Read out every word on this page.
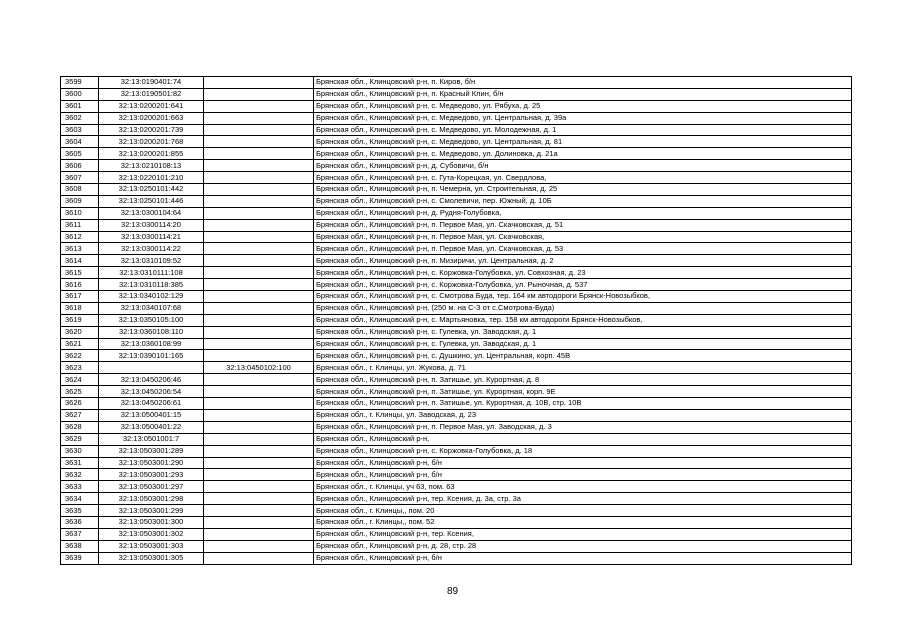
3599	32:13:0190401:74		Брянская обл., Клинцовский р-н, п. Киров, б/н
3600	32:13:0190501:82		Брянская обл., Клинцовский р-н, п. Красный Клин, б/н
3601	32:13:0200201:641		Брянская обл., Клинцовский р-н, с. Медведово, ул. Рябуха, д. 25
3602	32:13:0200201:663		Брянская обл., Клинцовский р-н, с. Медведово, ул. Центральная, д. 39а
3603	32:13:0200201:739		Брянская обл., Клинцовский р-н, с. Медведово, ул. Молодежная, д. 1
3604	32:13:0200201:768		Брянская обл., Клинцовский р-н, с. Медведово, ул. Центральная, д. 81
3605	32:13:0200201:855		Брянская обл., Клинцовский р-н, с. Медведово, ул. Долиновка, д. 21а
3606	32:13:0210108:13		Брянская обл., Клинцовский р-н, д. Субовичи, б/н
3607	32:13:0220101:210		Брянская обл., Клинцовский р-н, с. Гута-Корецкая, ул. Свердлова,
3608	32:13:0250101:442		Брянская обл., Клинцовский р-н, п. Чемерна, ул. Строительная, д. 25
3609	32:13:0250101:446		Брянская обл., Клинцовский р-н, с. Смолевичи, пер. Южный, д. 10Б
3610	32:13:0300104:64		Брянская обл., Клинцовский р-н, д. Рудня-Голубовка,
3611	32:13:0300114:20		Брянская обл., Клинцовский р-н, п. Первое Мая, ул. Скачковская, д. 51
3612	32:13:0300114:21		Брянская обл., Клинцовский р-н, п. Первое Мая, ул. Скачковская,
3613	32:13:0300114:22		Брянская обл., Клинцовский р-н, п. Первое Мая, ул. Скачковская, д. 53
3614	32:13:0310109:52		Брянская обл., Клинцовский р-н, п. Мизиричи, ул. Центральная, д. 2
3615	32:13:0310111:108		Брянская обл., Клинцовский р-н, с. Коржовка-Голубовка, ул. Совхозная, д. 23
3616	32:13:0310118:385		Брянская обл., Клинцовский р-н, с. Коржовка-Голубовка, ул. Рыночная, д. 537
3617	32:13:0340102:129		Брянская обл., Клинцовский р-н, с. Смотрова Буда, тер. 164 км автодороги Брянск-Новозыбков,
3618	32:13:0340107:68		Брянская обл., Клинцовский р-н, (250 м. на С-З от с.Смотрова-Буда)
3619	32:13:0350105:100		Брянская обл., Клинцовский р-н, с. Мартьяновка, тер. 158 км автодороги Брянск-Новозыбков,
3620	32:13:0360108:110		Брянская обл., Клинцовский р-н, с. Гулевка, ул. Заводская, д. 1
3621	32:13:0360108:99		Брянская обл., Клинцовский р-н, с. Гулевка, ул. Заводская, д. 1
3622	32:13:0390101:165		Брянская обл., Клинцовский р-н, с. Душкино, ул. Центральная, корп. 45В
3623		32:13:0450102:100	Брянская обл., г. Клинцы, ул. Жукова, д. 71
3624	32:13:0450206:46		Брянская обл., Клинцовский р-н, п. Затишье, ул. Курортная, д. 8
3625	32:13:0450206:54		Брянская обл., Клинцовский р-н, п. Затишье, ул. Курортная, корп. 9Е
3626	32:13:0450206:61		Брянская обл., Клинцовский р-н, п. Затишье, ул. Курортная, д. 10В, стр. 10В
3627	32:13:0500401:15		Брянская обл., г. Клинцы, ул. Заводская, д. 23
3628	32:13:0500401:22		Брянская обл., Клинцовский р-н, п. Первое Мая, ул. Заводская, д. 3
3629	32:13:0501001:7		Брянская обл., Клинцовский р-н,
3630	32:13:0503001:289		Брянская обл., Клинцовский р-н, с. Коржовка-Голубовка, д. 18
3631	32:13:0503001:290		Брянская обл., Клинцовский р-н, б/н
3632	32:13:0503001:293		Брянская обл., Клинцовский р-н, б/н
3633	32:13:0503001:297		Брянская обл., г. Клинцы, уч 63, пом. 63
3634	32:13:0503001:298		Брянская обл., Клинцовский р-н, тер. Ксения, д. 3а, стр. 3а
3635	32:13:0503001:299		Брянская обл., г. Клинцы,, пом. 20
3636	32:13:0503001:300		Брянская обл., г. Клинцы,, пом. 52
3637	32:13:0503001:302		Брянская обл., Клинцовский р-н, тер. Ксения,
3638	32:13:0503001:303		Брянская обл., Клинцовский р-н, д. 28, стр. 28
3639	32:13:0503001:305		Брянская обл., Клинцовский р-н, б/н
89
